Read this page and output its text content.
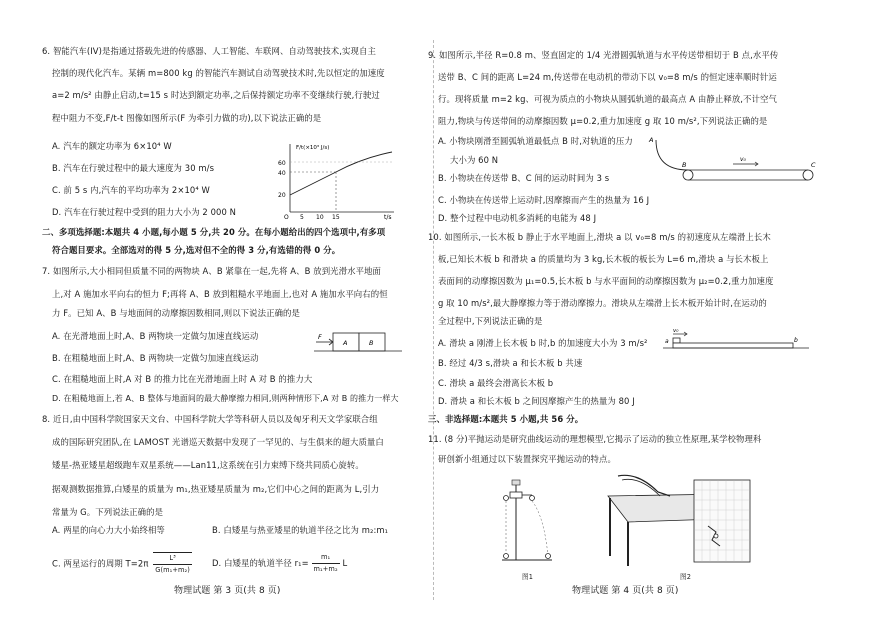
6. 智能汽车(IV)是指通过搭载先进的传感器、人工智能、车联网、自动驾驶技术,实现自主
控制的现代化汽车。某辆 m=800 kg 的智能汽车测试自动驾驶技术时,先以恒定的加速度
a=2 m/s² 由静止启动,t=15 s 时达到额定功率,之后保持额定功率不变继续行驶,行驶过
程中阻力不变,F/t-t 图像如图所示(F 为牵引力做的功),以下说法正确的是
A. 汽车的额定功率为 6×10⁴ W
B. 汽车在行驶过程中的最大速度为 30 m/s
C. 前 5 s 内,汽车的平均功率为 2×10⁴ W
D. 汽车在行驶过程中受到的阻力大小为 2 000 N
F/t(×10³ J/s)
t/s
60
40
20
5 10 15
O
二、多项选择题:本题共 4 小题,每小题 5 分,共 20 分。在每小题给出的四个选项中,有多项
符合题目要求。全部选对的得 5 分,选对但不全的得 3 分,有选错的得 0 分。
7. 如图所示,大小相同但质量不同的两物块 A、B 紧靠在一起,先将 A、B 放到光滑水平地面
上,对 A 施加水平向右的恒力 F;再将 A、B 放到粗糙水平地面上,也对 A 施加水平向右的恒
力 F。已知 A、B 与地面间的动摩擦因数相同,则以下说法正确的是
A. 在光滑地面上时,A、B 两物块一定做匀加速直线运动
B. 在粗糙地面上时,A、B 两物块一定做匀加速直线运动
C. 在粗糙地面上时,A 对 B 的推力比在光滑地面上时 A 对 B 的推力大
D. 在粗糙地面上,若 A、B 整体与地面间的最大静摩擦力相同,则两种情形下,A 对 B 的推力一样大
F
A	B
8. 近日,由中国科学院国家天文台、中国科学院大学等科研人员以及匈牙利天文学家联合组
成的国际研究团队,在 LAMOST 光谱巡天数据中发现了一罕见的、与生俱来的超大质量白
矮星-热亚矮星超级跑车双星系统——Lan11,这系统在引力束缚下绕共同质心旋转。
据观测数据推算,白矮星的质量为 m₁,热亚矮星质量为 m₂,它们中心之间的距离为 L,引力
常量为 G。下列说法正确的是
A. 两星的向心力大小始终相等	B. 白矮星与热亚矮星的轨道半径之比为 m₂:m₁
C. 两星运行的周期 $T=2\pi \frac{\text{L³}}{\text{G(m₁+m₂)}} D$. 白矮星的轨道半径 $r_1= \frac{\text{m₁}}{\text{m₁+m₂}}$ L
物理试题 第 3 页(共 8 页)
9. 如图所示,半径 R=0.8 m、竖直固定的 1/4 光滑圆弧轨道与水平传送带相切于 B 点,水平传
送带 B、C 间的距离 L=24 m,传送带在电动机的带动下以 v₀=8 m/s 的恒定速率顺时针运
行。现将质量 m=2 kg、可视为质点的小物块从圆弧轨道的最高点 A 由静止释放,不计空气
阻力,物块与传送带间的动摩擦因数 μ=0.2,重力加速度 g 取 10 m/s²,下列说法正确的是
A. 小物块刚滑至圆弧轨道最低点 B 时,对轨道的压力
大小为 60 N
B. 小物块在传送带 B、C 间的运动时间为 3 s
C. 小物块在传送带上运动时,因摩擦而产生的热量为 16 J
D. 整个过程中电动机多消耗的电能为 48 J
A
B	C
v₀
10. 如图所示,一长木板 b 静止于水平地面上,滑块 a 以 v₀=8 m/s 的初速度从左端滑上长木
板,已知长木板 b 和滑块 a 的质量均为 3 kg,长木板的板长为 L=6 m,滑块 a 与长木板上
表面间的动摩擦因数为 μ₁=0.5,长木板 b 与水平面间的动摩擦因数为 μ₂=0.2,重力加速度
g 取 10 m/s²,最大静摩擦力等于滑动摩擦力。滑块从左端滑上长木板开始计时,在运动的
全过程中,下列说法正确的是
A. 滑块 a 刚滑上长木板 b 时,b 的加速度大小为 3 m/s²
B. 经过 4/3 s,滑块 a 和长木板 b 共速
C. 滑块 a 最终会滑离长木板 b
D. 滑块 a 和长木板 b 之间因摩擦产生的热量为 80 J
v₀
a	b
三、非选择题:本题共 5 小题,共 56 分。
11. (8 分)平抛运动是研究曲线运动的理想模型,它揭示了运动的独立性原理,某学校物理科
研创新小组通过以下装置探究平抛运动的特点。
图1	图2
物理试题 第 4 页(共 8 页)
